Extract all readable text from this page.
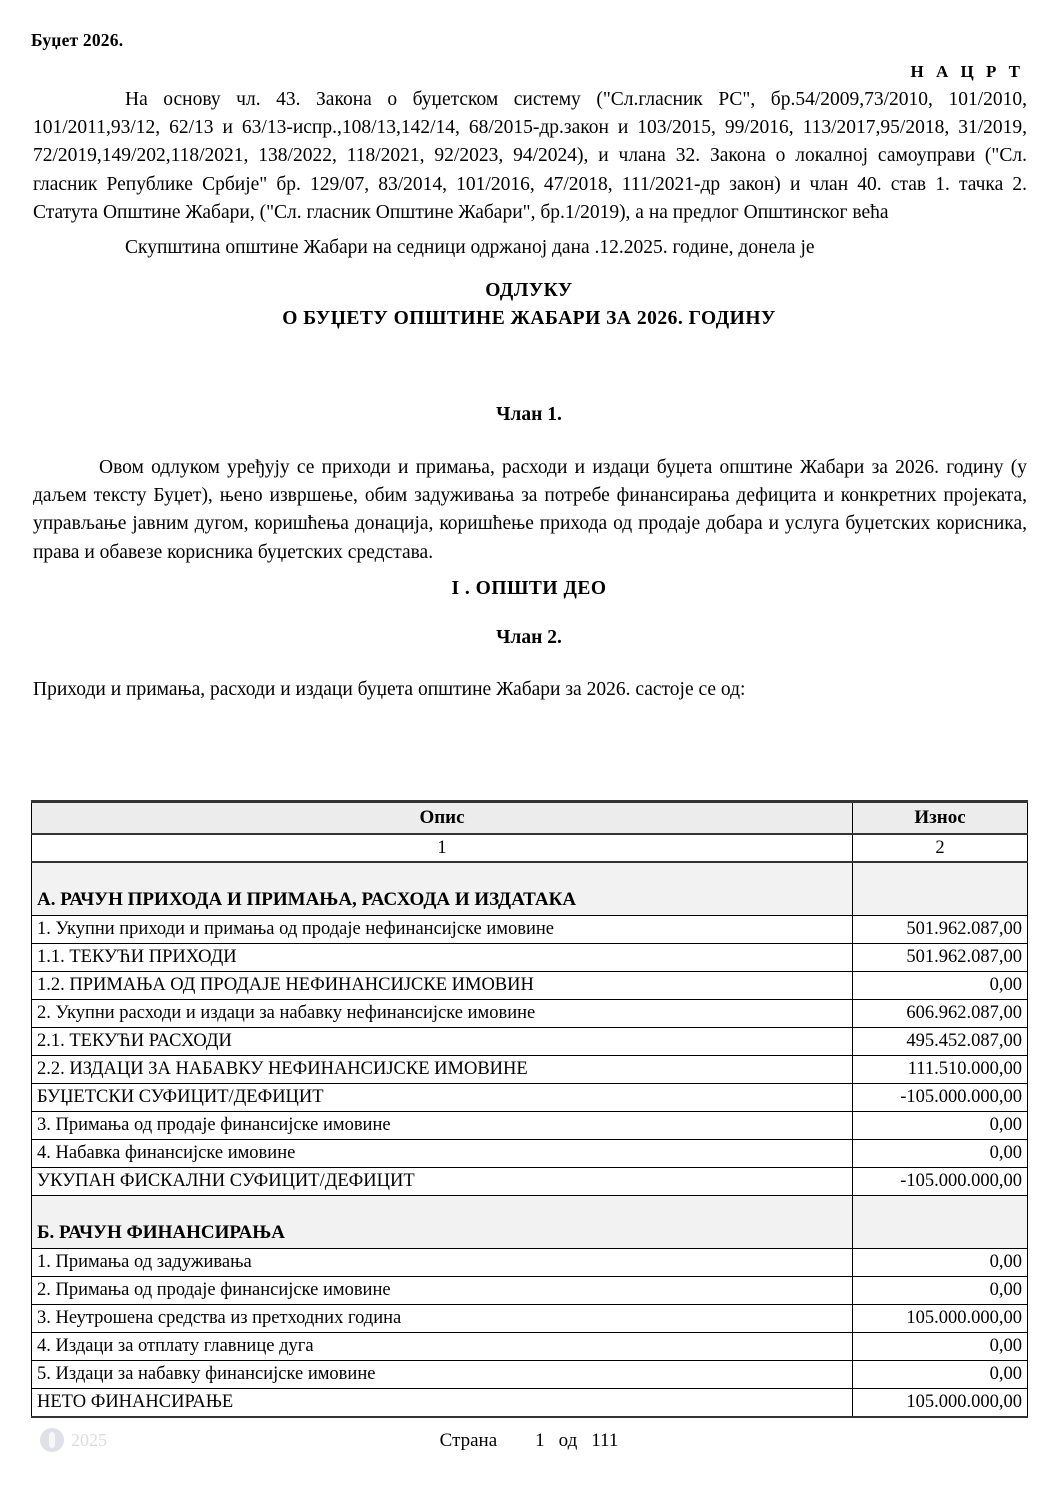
Буџет 2026.
Н А Ц Р Т
На основу чл. 43. Закона о буџетском систему ("Сл.гласник РС", бр.54/2009,73/2010, 101/2010, 101/2011,93/12, 62/13 и 63/13-испр.,108/13,142/14, 68/2015-др.закон и 103/2015, 99/2016, 113/2017,95/2018, 31/2019, 72/2019,149/202,118/2021, 138/2022, 118/2021, 92/2023, 94/2024), и члана 32. Закона о локалној самоуправи ("Сл. гласник Републике Србије" бр. 129/07, 83/2014, 101/2016, 47/2018, 111/2021-др закон) и члан 40. став 1. тачка 2. Статута Општине Жабари, ("Сл. гласник Општине Жабари", бр.1/2019), а на предлог Општинског већа
Скупштина општине Жабари на седници одржаној дана .12.2025. године, донела је
ОДЛУКУ
О БУЏЕТУ ОПШТИНЕ ЖАБАРИ ЗА 2026. ГОДИНУ
Члан 1.
Овом одлуком уређују се приходи и примања, расходи и издаци буџета општине Жабари за 2026. годину (у даљем тексту Буџет), њено извршење, обим задуживања за потребе финансирања дефицита и конкретних пројеката, управљање јавним дугом, коришћења донација, коришћење прихода од продаје добара и услуга буџетских корисника, права и обавезе корисника буџетских средстава.
I . ОПШТИ ДЕО
Члан 2.
Приходи и примања, расходи и издаци буџета општине Жабари за 2026. састоје се од:
Опис	Износ
1	2
А. РАЧУН ПРИХОДА И ПРИМАЊА, РАСХОДА И ИЗДАТАКА	
1. Укупни приходи и примања од продаје нефинансијске имовине	501.962.087,00
1.1. ТЕКУЋИ ПРИХОДИ	501.962.087,00
1.2. ПРИМАЊА ОД ПРОДАЈЕ НЕФИНАНСИЈСКЕ ИМОВИН	0,00
2. Укупни расходи и издаци за набавку нефинансијске имовине	606.962.087,00
2.1. ТЕКУЋИ РАСХОДИ	495.452.087,00
2.2. ИЗДАЦИ ЗА НАБАВКУ НЕФИНАНСИЈСКЕ ИМОВИНЕ	111.510.000,00
БУЏЕТСКИ СУФИЦИТ/ДЕФИЦИТ	-105.000.000,00
3. Примања од продаје финансијске имовине	0,00
4. Набавка финансијске имовине	0,00
УКУПАН ФИСКАЛНИ СУФИЦИТ/ДЕФИЦИТ	-105.000.000,00
Б. РАЧУН ФИНАНСИРАЊА	
1. Примања од задуживања	0,00
2. Примања од продаје финансијске имовине	0,00
3. Неутрошена средства из претходних година	105.000.000,00
4. Издаци за отплату главнице дуга	0,00
5. Издаци за набавку финансијске имовине	0,00
НЕТО ФИНАНСИРАЊЕ	105.000.000,00
2025	Страна 1 од 111
